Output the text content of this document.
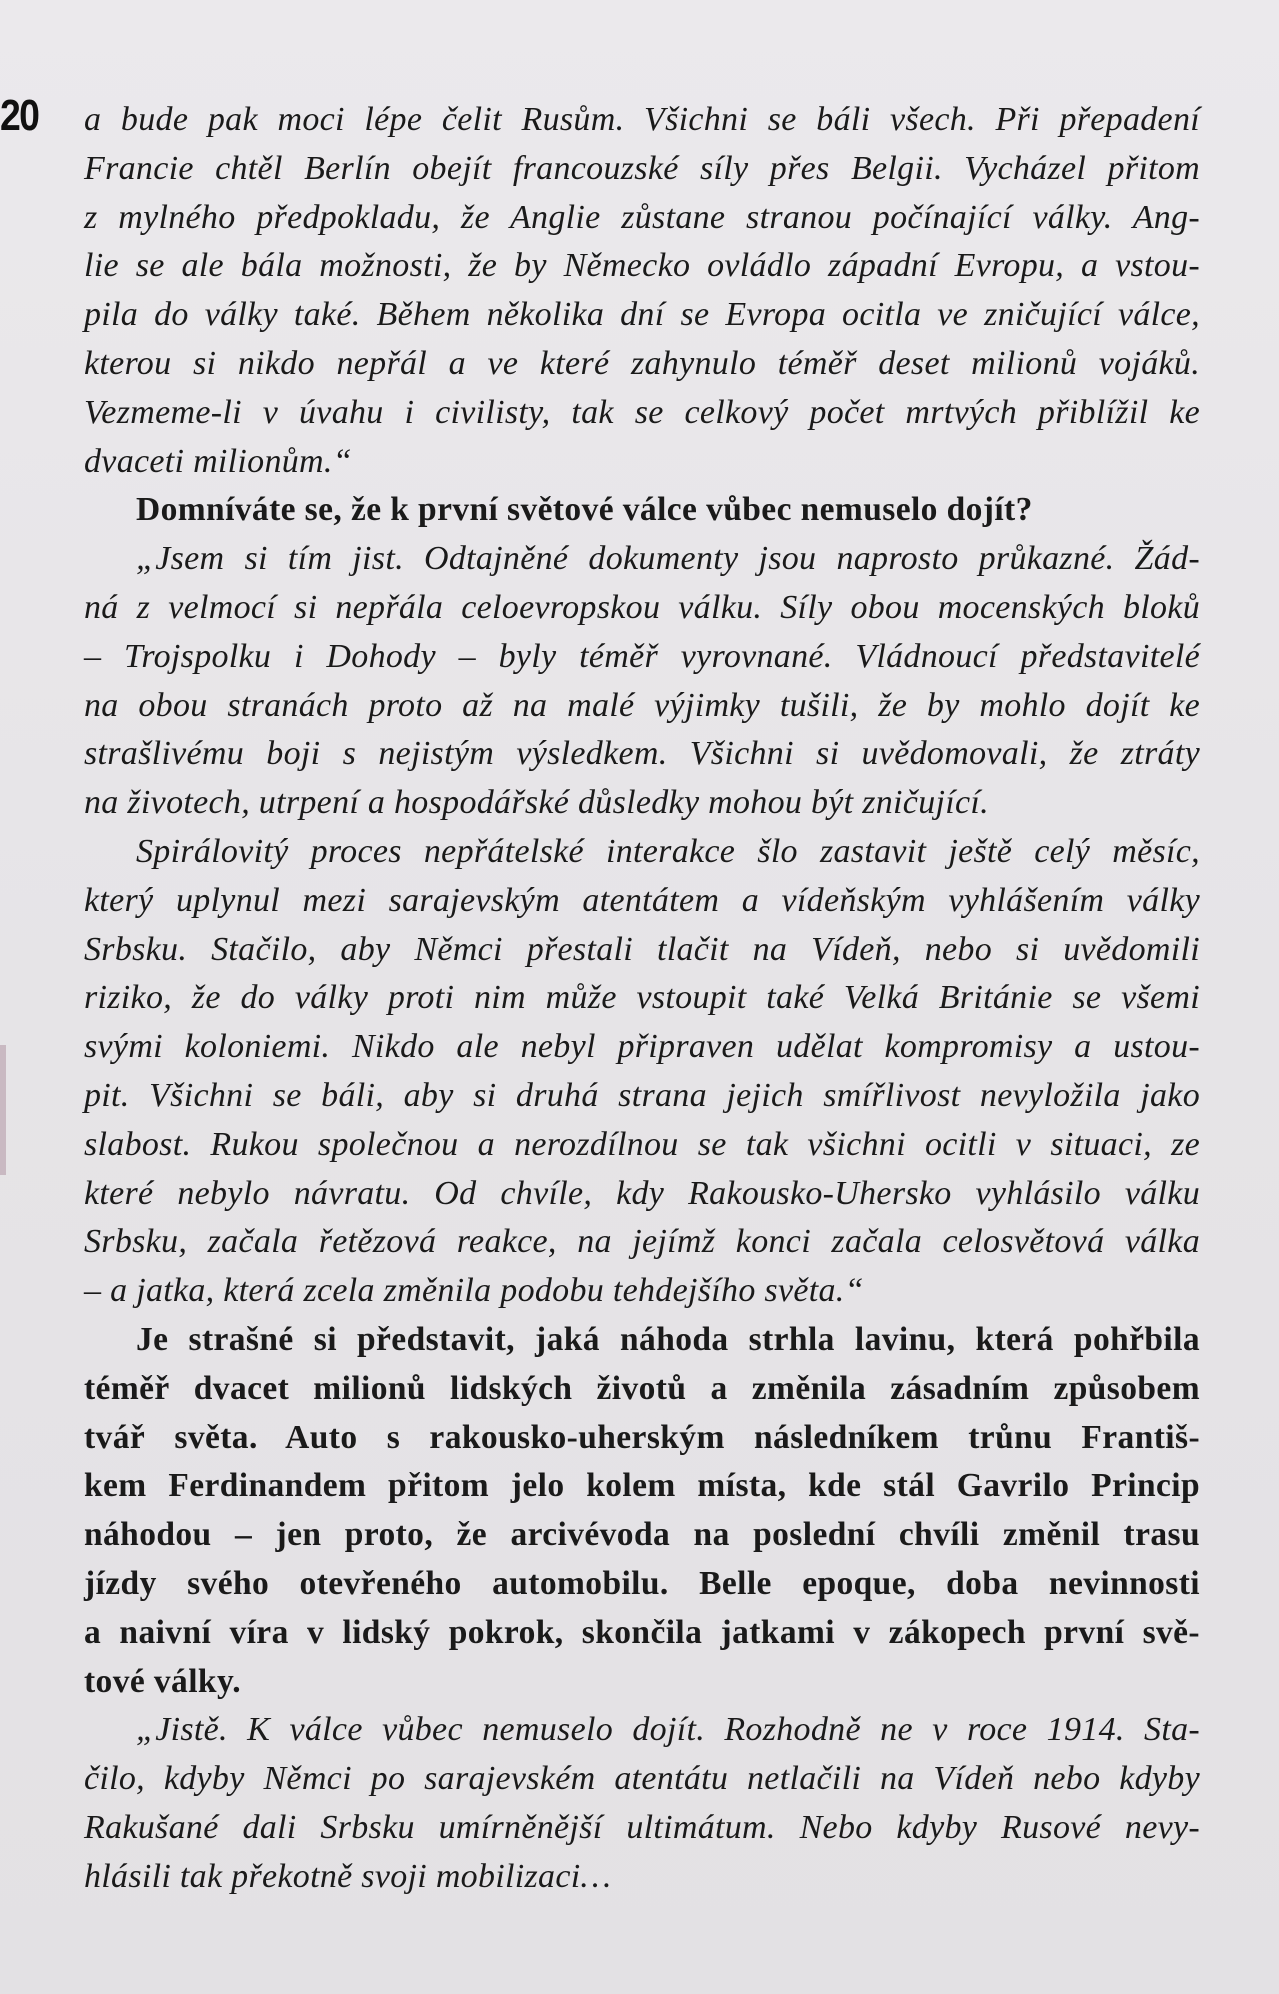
20 a bude pak moci lépe čelit Rusům. Všichni se báli všech. Při přepadení
Francie chtěl Berlín obejít francouzské síly přes Belgii. Vycházel přitom
z mylného předpokladu, že Anglie zůstane stranou počínající války. Ang-
lie se ale bála možnosti, že by Německo ovládlo západní Evropu, a vstou-
pila do války také. Během několika dní se Evropa ocitla ve zničující válce,
kterou si nikdo nepřál a ve které zahynulo téměř deset milionů vojáků.
Vezmeme-li v úvahu i civilisty, tak se celkový počet mrtvých přiblížil ke
dvaceti milionům.“
Domníváte se, že k první světové válce vůbec nemuselo dojít?
„Jsem si tím jist. Odtajněné dokumenty jsou naprosto průkazné. Žád-
ná z velmocí si nepřála celoevropskou válku. Síly obou mocenských bloků
– Trojspolku i Dohody – byly téměř vyrovnané. Vládnoucí představitelé
na obou stranách proto až na malé výjimky tušili, že by mohlo dojít ke
strašlivému boji s nejistým výsledkem. Všichni si uvědomovali, že ztráty
na životech, utrpení a hospodářské důsledky mohou být zničující.
Spirálovitý proces nepřátelské interakce šlo zastavit ještě celý měsíc,
který uplynul mezi sarajevským atentátem a vídeňským vyhlášením války
Srbsku. Stačilo, aby Němci přestali tlačit na Vídeň, nebo si uvědomili
riziko, že do války proti nim může vstoupit také Velká Británie se všemi
svými koloniemi. Nikdo ale nebyl připraven udělat kompromisy a ustou-
pit. Všichni se báli, aby si druhá strana jejich smířlivost nevyložila jako
slabost. Rukou společnou a nerozdílnou se tak všichni ocitli v situaci, ze
které nebylo návratu. Od chvíle, kdy Rakousko-Uhersko vyhlásilo válku
Srbsku, začala řetězová reakce, na jejímž konci začala celosvětová válka
– a jatka, která zcela změnila podobu tehdejšího světa.“
Je strašné si představit, jaká náhoda strhla lavinu, která pohřbila
téměř dvacet milionů lidských životů a změnila zásadním způsobem
tvář světa. Auto s rakousko-uherským následníkem trůnu Františ-
kem Ferdinandem přitom jelo kolem místa, kde stál Gavrilo Princip
náhodou – jen proto, že arcivévoda na poslední chvíli změnil trasu
jízdy svého otevřeného automobilu. Belle epoque, doba nevinnosti
a naivní víra v lidský pokrok, skončila jatkami v zákopech první svě-
tové války.
„Jistě. K válce vůbec nemuselo dojít. Rozhodně ne v roce 1914. Sta-
čilo, kdyby Němci po sarajevském atentátu netlačili na Vídeň nebo kdyby
Rakušané dali Srbsku umírněnější ultimátum. Nebo kdyby Rusové nevy-
hlásili tak překotně svoji mobilizaci…
